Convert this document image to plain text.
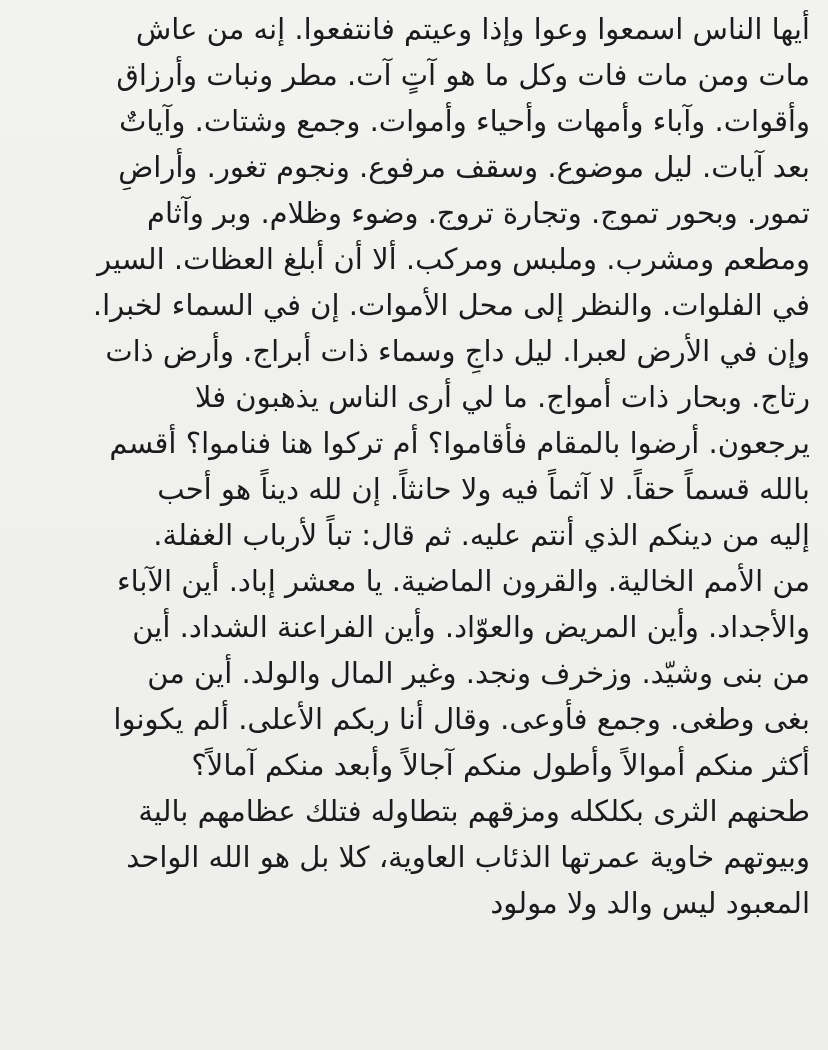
أيها الناس اسمعوا وعوا وإذا وعيتم فانتفعوا. إنه من عاش
مات ومن مات فات وكل ما هو آتٍ آت. مطر ونبات وأرزاق
وأقوات. وآباء وأمهات وأحياء وأموات. وجمع وشتات. وآياتٌ
بعد آيات. ليل موضوع. وسقف مرفوع. ونجوم تغور. وأراضٍ
تمور. وبحور تموج. وتجارة تروج. وضوء وظلام. وبر وآثام
ومطعم ومشرب. وملبس ومركب. ألا أن أبلغ العظات. السير
في الفلوات. والنظر إلى محل الأموات. إن في السماء لخبرا.
وإن في الأرض لعبرا. ليل داجٍ وسماء ذات أبراج. وأرض ذات
رتاج. وبحار ذات أمواج. ما لي أرى الناس يذهبون فلا
يرجعون. أرضوا بالمقام فأقاموا؟ أم تركوا هنا فناموا؟ أقسم
بالله قسماً حقاً. لا آثماً فيه ولا حانثاً. إن لله ديناً هو أحب
إليه من دينكم الذي أنتم عليه. ثم قال: تباً لأرباب الغفلة.
من الأمم الخالية. والقرون الماضية. يا معشر إباد. أين الآباء
والأجداد. وأين المريض والعوّاد. وأين الفراعنة الشداد. أين
من بنى وشيّد. وزخرف ونجد. وغير المال والولد. أين من
بغى وطغى. وجمع فأوعى. وقال أنا ربكم الأعلى. ألم يكونوا
أكثر منكم أموالاً وأطول منكم آجالاً وأبعد منكم آمالاً؟
طحنهم الثرى بكلكله ومزقهم بتطاوله فتلك عظامهم بالية
وبيوتهم خاوية عمرتها الذئاب العاوية، كلا بل هو الله الواحد
المعبود ليس والد ولا مولود
